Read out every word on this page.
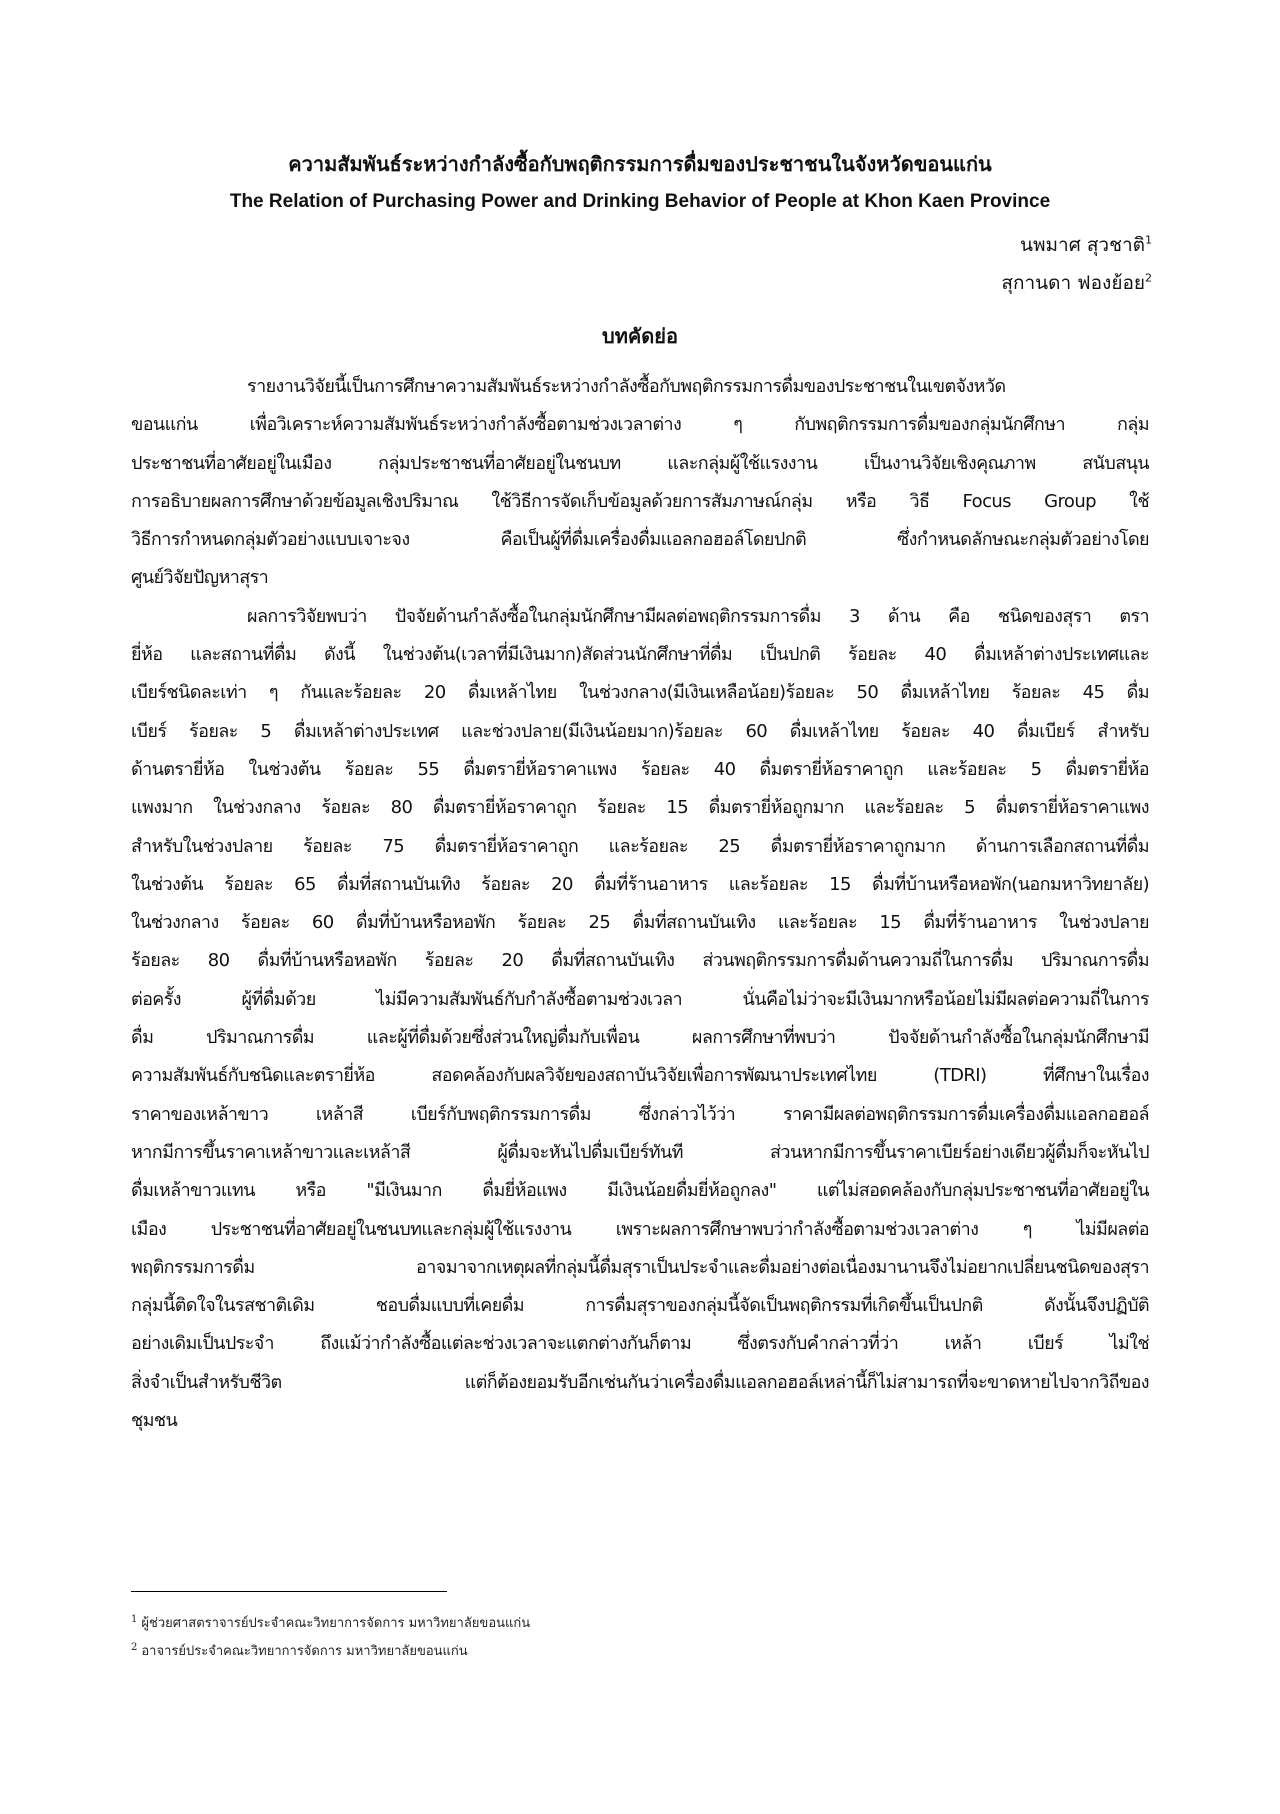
ความสัมพันธ์ระหว่างกำลังซื้อกับพฤติกรรมการดื่มของประชาชนในจังหวัดขอนแก่น
The Relation of Purchasing Power and Drinking Behavior of People at Khon Kaen Province
นพมาศ สุวชาติ$^1$
สุกานดา ฟองย้อย$^2$
บทคัดย่อ
รายงานวิจัยนี้เป็นการศึกษาความสัมพันธ์ระหว่างกำลังซื้อกับพฤติกรรมการดื่มของประชาชนในเขตจังหวัด
ขอนแก่น เพื่อวิเคราะห์ความสัมพันธ์ระหว่างกำลังซื้อตามช่วงเวลาต่าง ๆ กับพฤติกรรมการดื่มของกลุ่มนักศึกษา กลุ่ม
ประชาชนที่อาศัยอยู่ในเมือง กลุ่มประชาชนที่อาศัยอยู่ในชนบท และกลุ่มผู้ใช้แรงงาน เป็นงานวิจัยเชิงคุณภาพ สนับสนุน
การอธิบายผลการศึกษาด้วยข้อมูลเชิงปริมาณ ใช้วิธีการจัดเก็บข้อมูลด้วยการสัมภาษณ์กลุ่ม หรือ วิธี Focus Group ใช้
วิธีการกำหนดกลุ่มตัวอย่างแบบเจาะจง คือเป็นผู้ที่ดื่มเครื่องดื่มแอลกอฮอล์โดยปกติ ซึ่งกำหนดลักษณะกลุ่มตัวอย่างโดย
ศูนย์วิจัยปัญหาสุรา
ผลการวิจัยพบว่า ปัจจัยด้านกำลังซื้อในกลุ่มนักศึกษามีผลต่อพฤติกรรมการดื่ม 3 ด้าน คือ ชนิดของสุรา ตรา
ยี่ห้อ และสถานที่ดื่ม ดังนี้ ในช่วงต้น(เวลาที่มีเงินมาก)สัดส่วนนักศึกษาที่ดื่ม เป็นปกติ ร้อยละ 40 ดื่มเหล้าต่างประเทศและ
เบียร์ชนิดละเท่า ๆ กันและร้อยละ 20 ดื่มเหล้าไทย ในช่วงกลาง(มีเงินเหลือน้อย)ร้อยละ 50 ดื่มเหล้าไทย ร้อยละ 45 ดื่ม
เบียร์ ร้อยละ 5 ดื่มเหล้าต่างประเทศ และช่วงปลาย(มีเงินน้อยมาก)ร้อยละ 60 ดื่มเหล้าไทย ร้อยละ 40 ดื่มเบียร์ สำหรับ
ด้านตรายี่ห้อ ในช่วงต้น ร้อยละ 55 ดื่มตรายี่ห้อราคาแพง ร้อยละ 40 ดื่มตรายี่ห้อราคาถูก และร้อยละ 5 ดื่มตรายี่ห้อ
แพงมาก ในช่วงกลาง ร้อยละ 80 ดื่มตรายี่ห้อราคาถูก ร้อยละ 15 ดื่มตรายี่ห้อถูกมาก และร้อยละ 5 ดื่มตรายี่ห้อราคาแพง
สำหรับในช่วงปลาย ร้อยละ 75 ดื่มตรายี่ห้อราคาถูก และร้อยละ 25 ดื่มตรายี่ห้อราคาถูกมาก ด้านการเลือกสถานที่ดื่ม
ในช่วงต้น ร้อยละ 65 ดื่มที่สถานบันเทิง ร้อยละ 20 ดื่มที่ร้านอาหาร และร้อยละ 15 ดื่มที่บ้านหรือหอพัก(นอกมหาวิทยาลัย)
ในช่วงกลาง ร้อยละ 60 ดื่มที่บ้านหรือหอพัก ร้อยละ 25 ดื่มที่สถานบันเทิง และร้อยละ 15 ดื่มที่ร้านอาหาร ในช่วงปลาย
ร้อยละ 80 ดื่มที่บ้านหรือหอพัก ร้อยละ 20 ดื่มที่สถานบันเทิง ส่วนพฤติกรรมการดื่มด้านความถี่ในการดื่ม ปริมาณการดื่ม
ต่อครั้ง ผู้ที่ดื่มด้วย ไม่มีความสัมพันธ์กับกำลังซื้อตามช่วงเวลา นั่นคือไม่ว่าจะมีเงินมากหรือน้อยไม่มีผลต่อความถี่ในการ
ดื่ม ปริมาณการดื่ม และผู้ที่ดื่มด้วยซึ่งส่วนใหญ่ดื่มกับเพื่อน ผลการศึกษาที่พบว่า ปัจจัยด้านกำลังซื้อในกลุ่มนักศึกษามี
ความสัมพันธ์กับชนิดและตรายี่ห้อ สอดคล้องกับผลวิจัยของสถาบันวิจัยเพื่อการพัฒนาประเทศไทย (TDRI) ที่ศึกษาในเรื่อง
ราคาของเหล้าขาว เหล้าสี เบียร์กับพฤติกรรมการดื่ม ซึ่งกล่าวไว้ว่า ราคามีผลต่อพฤติกรรมการดื่มเครื่องดื่มแอลกอฮอล์
หากมีการขึ้นราคาเหล้าขาวและเหล้าสี ผู้ดื่มจะหันไปดื่มเบียร์ทันที ส่วนหากมีการขึ้นราคาเบียร์อย่างเดียวผู้ดื่มก็จะหันไป
ดื่มเหล้าขาวแทน หรือ "มีเงินมาก ดื่มยี่ห้อแพง มีเงินน้อยดื่มยี่ห้อถูกลง" แต่ไม่สอดคล้องกับกลุ่มประชาชนที่อาศัยอยู่ใน
เมือง ประชาชนที่อาศัยอยู่ในชนบทและกลุ่มผู้ใช้แรงงาน เพราะผลการศึกษาพบว่ากำลังซื้อตามช่วงเวลาต่าง ๆ ไม่มีผลต่อ
พฤติกรรมการดื่ม อาจมาจากเหตุผลที่กลุ่มนี้ดื่มสุราเป็นประจำและดื่มอย่างต่อเนื่องมานานจึงไม่อยากเปลี่ยนชนิดของสุรา
กลุ่มนี้ติดใจในรสชาติเดิม ชอบดื่มแบบที่เคยดื่ม การดื่มสุราของกลุ่มนี้จัดเป็นพฤติกรรมที่เกิดขึ้นเป็นปกติ ดังนั้นจึงปฏิบัติ
อย่างเดิมเป็นประจำ ถึงแม้ว่ากำลังซื้อแต่ละช่วงเวลาจะแตกต่างกันก็ตาม ซึ่งตรงกับคำกล่าวที่ว่า เหล้า เบียร์ ไม่ใช่
สิ่งจำเป็นสำหรับชีวิต แต่ก็ต้องยอมรับอีกเช่นกันว่าเครื่องดื่มแอลกอฮอล์เหล่านี้ก็ไม่สามารถที่จะขาดหายไปจากวิถีของ
ชุมชน
$^1$ ผู้ช่วยศาสตราจารย์ประจำคณะวิทยาการจัดการ มหาวิทยาลัยขอนแก่น
$^2$ อาจารย์ประจำคณะวิทยาการจัดการ มหาวิทยาลัยขอนแก่น
